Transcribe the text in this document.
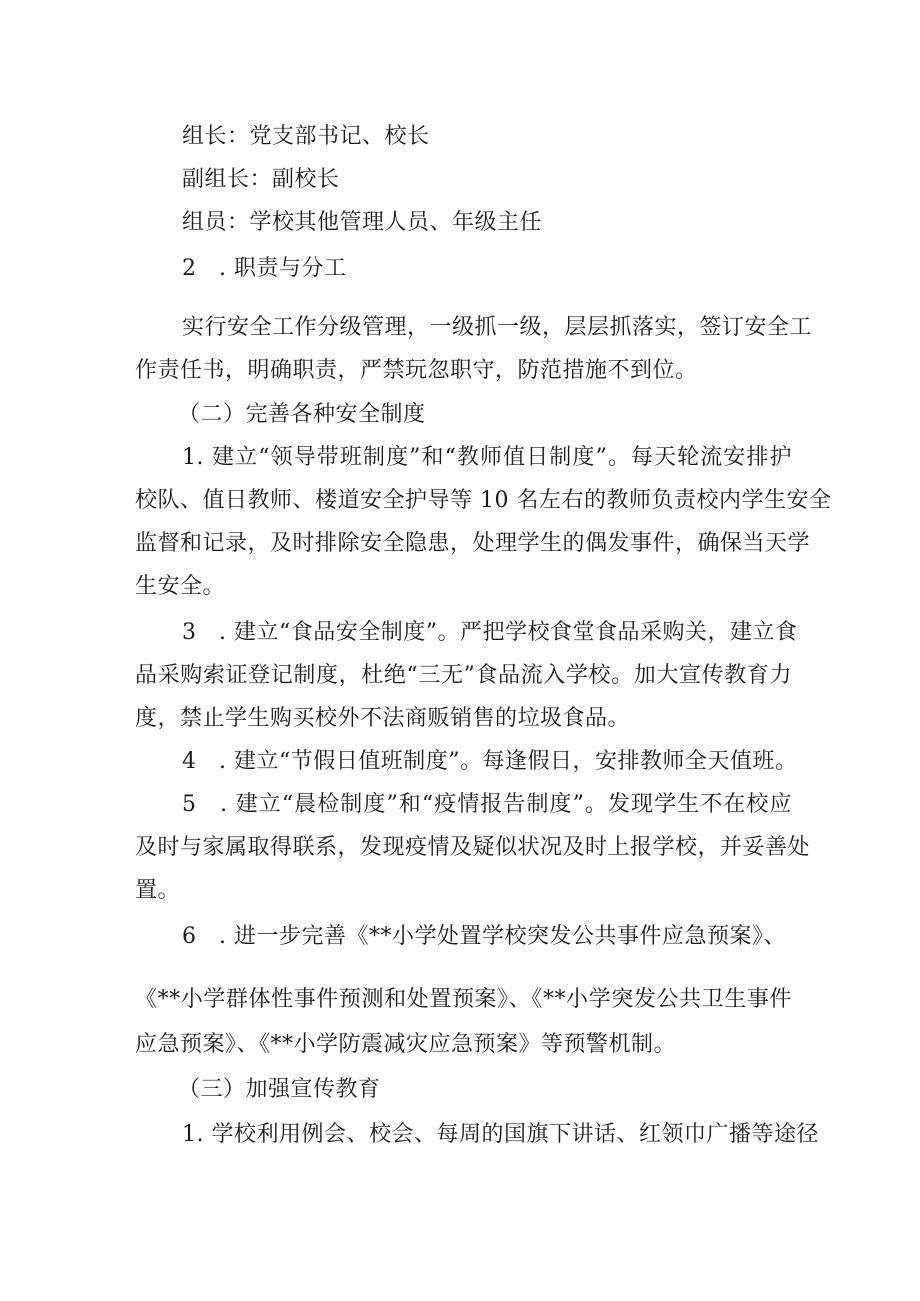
组长：党支部书记、校长
副组长：副校长
组员：学校其他管理人员、年级主任
2　. 职责与分工
实行安全工作分级管理，一级抓一级，层层抓落实，签订安全工
作责任书，明确职责，严禁玩忽职守，防范措施不到位。
（二）完善各种安全制度
1. 建立“领导带班制度”和“教师值日制度”。每天轮流安排护
校队、值日教师、楼道安全护导等 10 名左右的教师负责校内学生安全
监督和记录，及时排除安全隐患，处理学生的偶发事件，确保当天学
生安全。
3　. 建立“食品安全制度”。严把学校食堂食品采购关，建立食
品采购索证登记制度，杜绝“三无”食品流入学校。加大宣传教育力
度，禁止学生购买校外不法商贩销售的垃圾食品。
4　. 建立“节假日值班制度”。每逢假日，安排教师全天值班。
5　. 建立“晨检制度”和“疫情报告制度”。发现学生不在校应
及时与家属取得联系，发现疫情及疑似状况及时上报学校，并妥善处
置。
6　. 进一步完善《**小学处置学校突发公共事件应急预案》、
《**小学群体性事件预测和处置预案》、《**小学突发公共卫生事件
应急预案》、《**小学防震减灾应急预案》等预警机制。
（三）加强宣传教育
1. 学校利用例会、校会、每周的国旗下讲话、红领巾广播等途径
